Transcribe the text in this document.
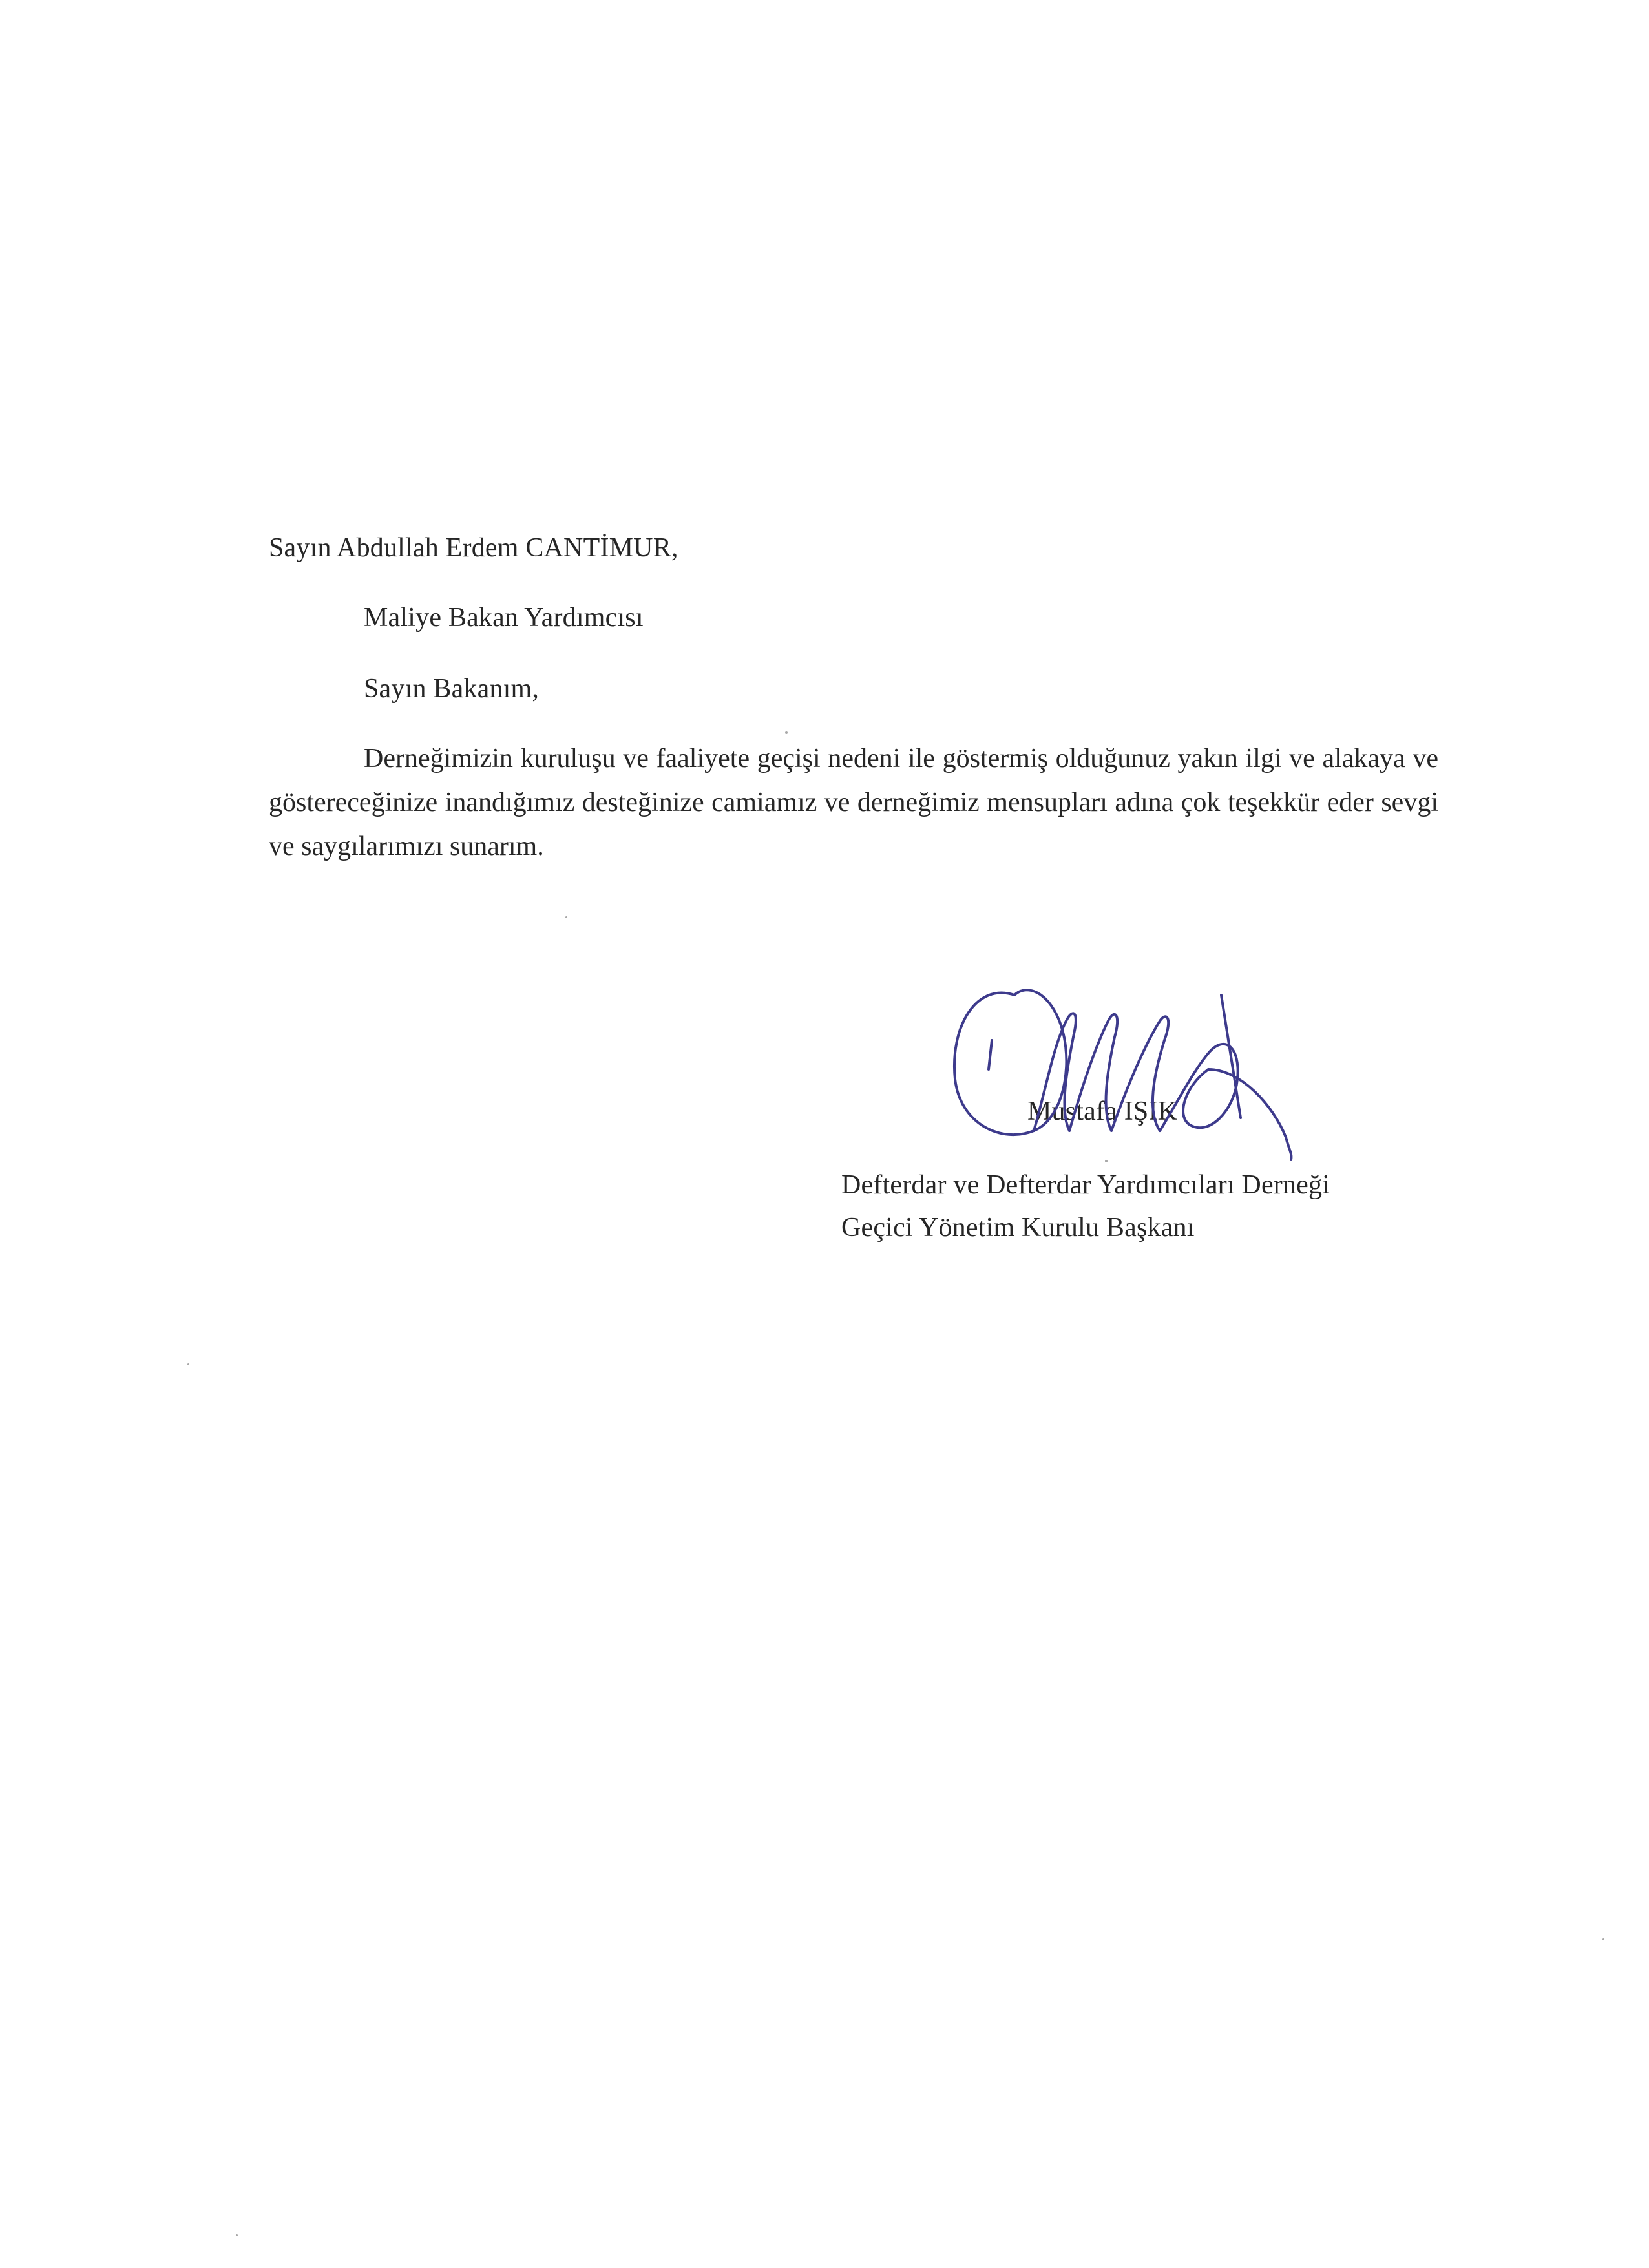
Sayın Abdullah Erdem CANTİMUR,
Maliye Bakan Yardımcısı
Sayın Bakanım,
Derneğimizin kuruluşu ve faaliyete geçişi nedeni ile göstermiş olduğunuz yakın ilgi ve alakaya ve göstereceğinize inandığımız desteğinize camiamız ve derneğimiz mensupları adına çok teşekkür eder sevgi ve saygılarımızı sunarım.
Mustafa IŞIK
Defterdar ve Defterdar Yardımcıları Derneği
Geçici Yönetim Kurulu Başkanı
